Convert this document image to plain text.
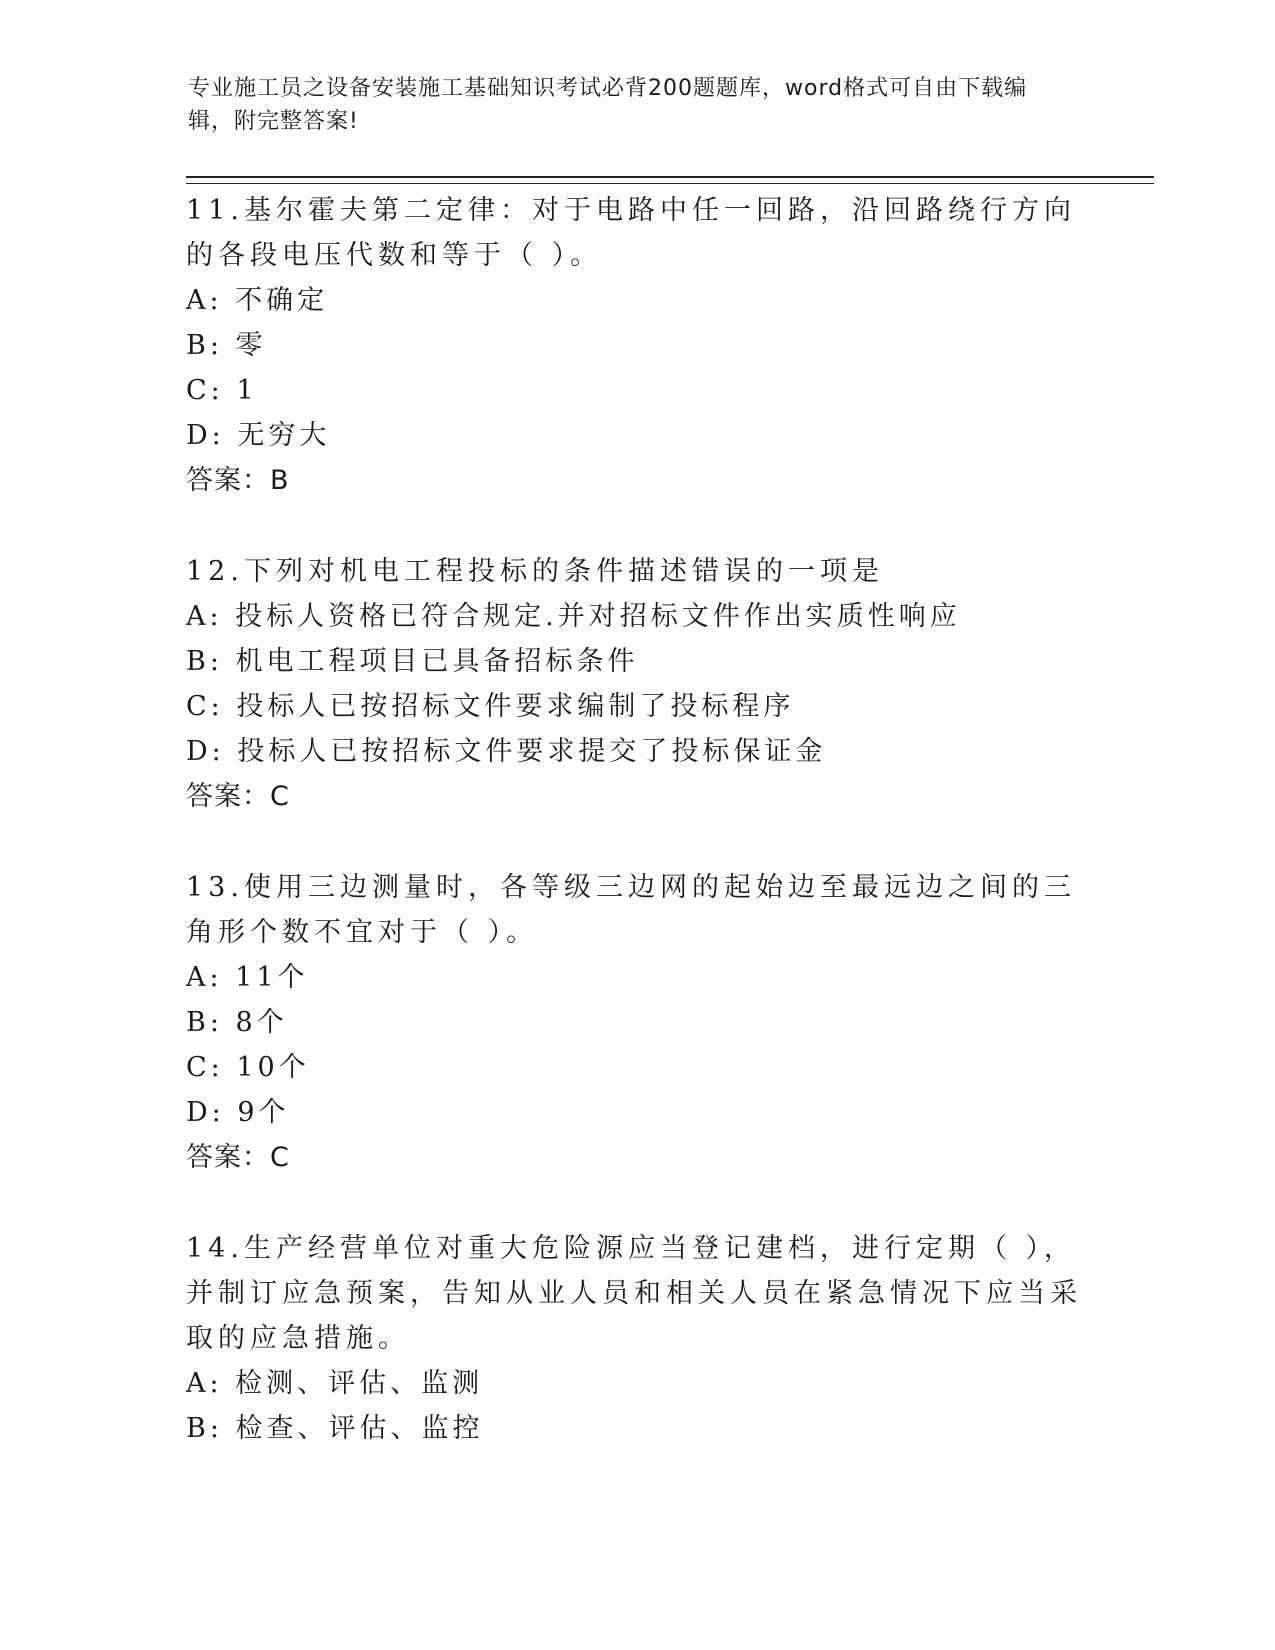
专业施工员之设备安装施工基础知识考试必背200题题库，word格式可自由下载编辑，附完整答案!

11.基尔霍夫第二定律：对于电路中任一回路，沿回路绕行方向的各段电压代数和等于（ ）。

A: 不确定

B: 零

C: 1

D: 无穷大

答案：B

12.下列对机电工程投标的条件描述错误的一项是

A: 投标人资格已符合规定.并对招标文件作出实质性响应

B: 机电工程项目已具备招标条件

C: 投标人已按招标文件要求编制了投标程序

D: 投标人已按招标文件要求提交了投标保证金

答案：C

13.使用三边测量时，各等级三边网的起始边至最远边之间的三角形个数不宜对于（ ）。

A: 11个

B: 8个

C: 10个

D: 9个

答案：C

14.生产经营单位对重大危险源应当登记建档，进行定期（ ），并制订应急预案，告知从业人员和相关人员在紧急情况下应当采取的应急措施。

A: 检测、评估、监测

B: 检查、评估、监控
